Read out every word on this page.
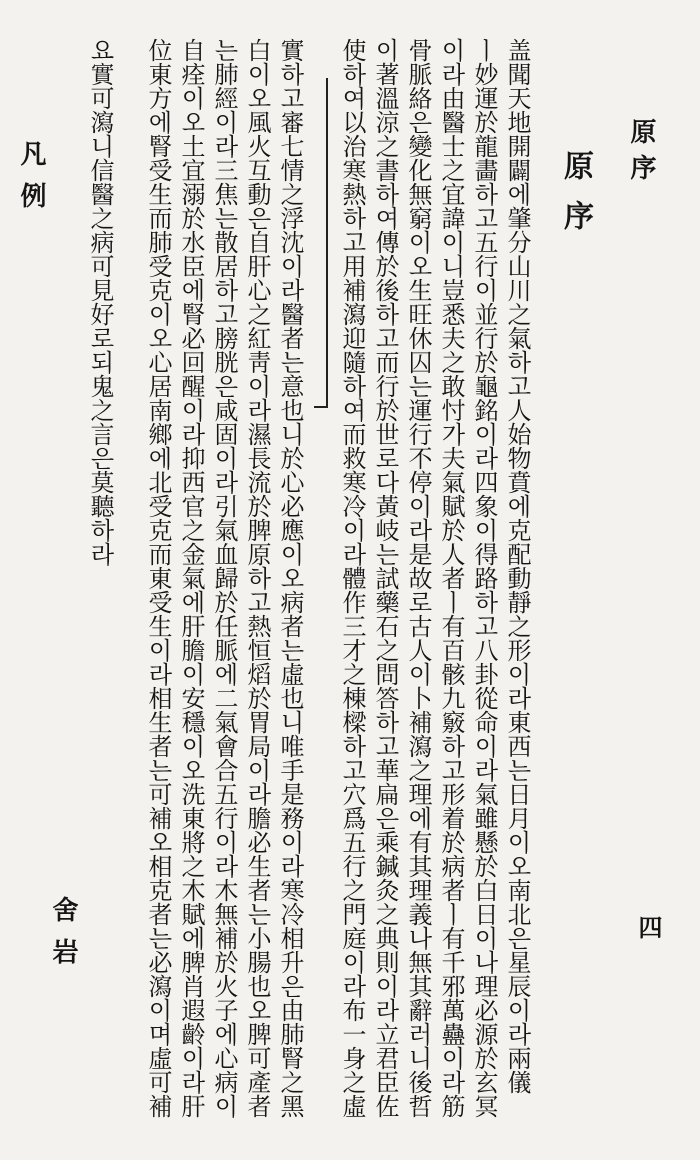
原序
四
原序
盖聞天地開闢에肇分山川之氣하고人始物賁에克配動靜之形이라東西는日月이오南北은星辰이라兩儀
ㅣ妙運於龍畵하고五行이並行於龜銘이라四象이得路하고八卦從命이라氣雖懸於白日이나理必源於玄冥
이라由醫士之宜諱이니豈悉夫之敢忖가夫氣賦於人者ㅣ有百骸九竅하고形着於病者ㅣ有千邪萬蠱이라筋
骨脈絡은變化無窮이오生旺休囚는運行不停이라是故로古人이卜補瀉之理에有其理義나無其辭러니後哲
이著溫涼之書하여傳於後하고而行於世로다黃岐는試藥石之問答하고華扁은乘鍼灸之典則이라立君臣佐
使하여以治寒熱하고用補瀉迎隨하여而救寒冷이라體作三才之棟樑하고穴爲五行之門庭이라布一身之虛
實하고審七情之浮沈이라醫者는意也니於心必應이오病者는虛也니唯手是務이라寒冷相升은由肺腎之黑
白이오風火互動은自肝心之紅靑이라濕長流於脾原하고熱恒熖於胃局이라膽必生者는小腸也오脾可產者
는肺經이라三焦는散居하고膀胱은咸固이라引氣血歸於任脈에二氣會合五行이라木無補於火子에心病이
自痊이오土宜溺於水臣에腎必回醒이라抑西官之金氣에肝膽이安穩이오洗東將之木賦에脾肖遐齡이라肝
位東方에腎受生而肺受克이오心居南鄉에北受克而東受生이라相生者는可補오相克者는必瀉이며虛可補
요實可瀉니信醫之病可見好로되鬼之言은莫聽하라
凡例
舍岩
